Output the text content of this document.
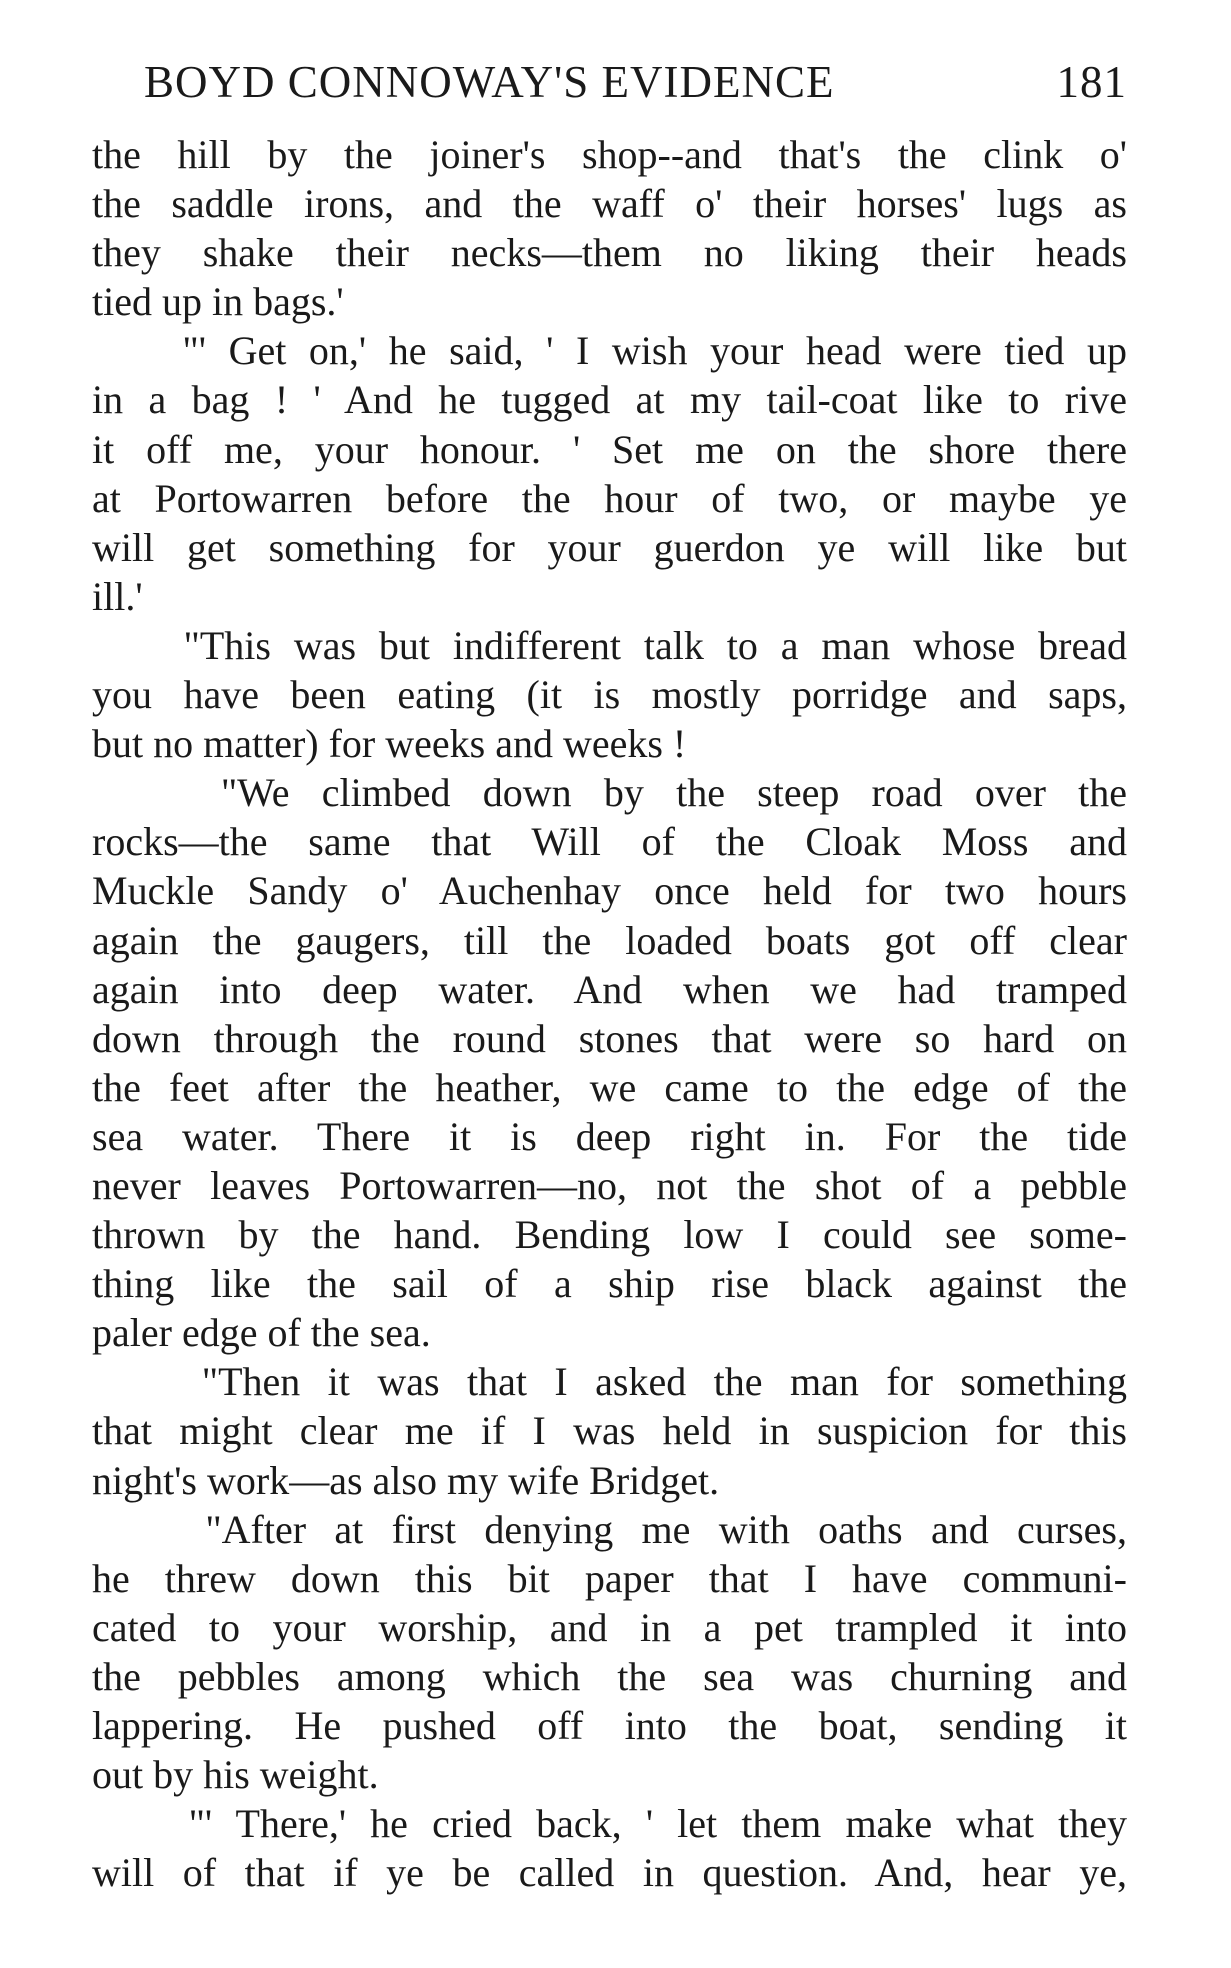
BOYD CONNOWAY'S EVIDENCE	181
the hill by the joiner's shop--and that's the clink o'
the saddle irons, and the waff o' their horses' lugs as
they shake their necks—them no liking their heads
tied up in bags.'
"' Get on,' he said, ' I wish your head were tied up
in a bag ! ' And he tugged at my tail-coat like to rive
it off me, your honour. ' Set me on the shore there
at Portowarren before the hour of two, or maybe ye
will get something for your guerdon ye will like but
ill.'
"This was but indifferent talk to a man whose bread
you have been eating (it is mostly porridge and saps,
but no matter) for weeks and weeks !
"We climbed down by the steep road over the
rocks—the same that Will of the Cloak Moss and
Muckle Sandy o' Auchenhay once held for two hours
again the gaugers, till the loaded boats got off clear
again into deep water. And when we had tramped
down through the round stones that were so hard on
the feet after the heather, we came to the edge of the
sea water. There it is deep right in. For the tide
never leaves Portowarren—no, not the shot of a pebble
thrown by the hand. Bending low I could see some-
thing like the sail of a ship rise black against the
paler edge of the sea.
"Then it was that I asked the man for something
that might clear me if I was held in suspicion for this
night's work—as also my wife Bridget.
"After at first denying me with oaths and curses,
he threw down this bit paper that I have communi-
cated to your worship, and in a pet trampled it into
the pebbles among which the sea was churning and
lappering. He pushed off into the boat, sending it
out by his weight.
"' There,' he cried back, ' let them make what they
will of that if ye be called in question. And, hear ye,
